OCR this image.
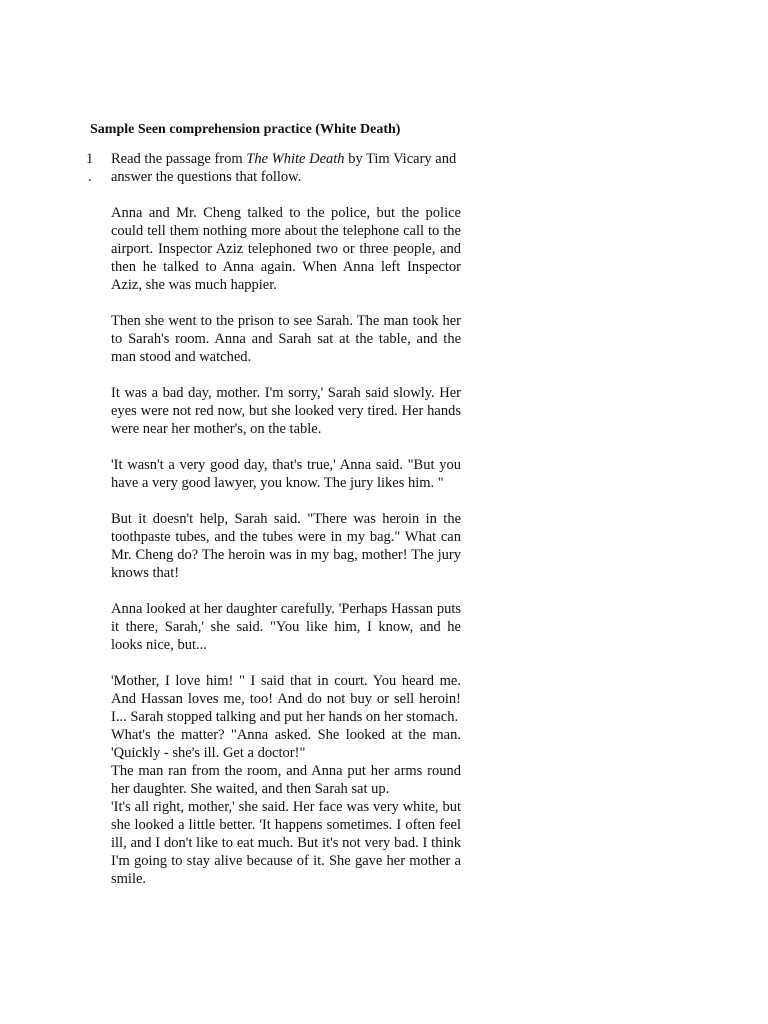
Sample Seen comprehension practice (White Death)
1
.

Read the passage from The White Death by Tim Vicary and answer the questions that follow.

Anna and Mr. Cheng talked to the police, but the police could tell them nothing more about the telephone call to the airport. Inspector Aziz telephoned two or three people, and then he talked to Anna again. When Anna left Inspector Aziz, she was much happier.

Then she went to the prison to see Sarah. The man took her to Sarah's room. Anna and Sarah sat at the table, and the man stood and watched.

It was a bad day, mother. I'm sorry,' Sarah said slowly. Her eyes were not red now, but she looked very tired. Her hands were near her mother's, on the table.

'It wasn't a very good day, that's true,' Anna said. "But you have a very good lawyer, you know. The jury likes him. "

But it doesn't help, Sarah said. "There was heroin in the toothpaste tubes, and the tubes were in my bag." What can Mr. Cheng do? The heroin was in my bag, mother! The jury knows that!

Anna looked at her daughter carefully. 'Perhaps Hassan puts it there, Sarah,' she said. "You like him, I know, and he looks nice, but...

'Mother, I love him! " I said that in court. You heard me. And Hassan loves me, too! And do not buy or sell heroin! I... Sarah stopped talking and put her hands on her stomach.

What's the matter? "Anna asked. She looked at the man. 'Quickly - she's ill. Get a doctor!"

The man ran from the room, and Anna put her arms round her daughter. She waited, and then Sarah sat up.

'It's all right, mother,' she said. Her face was very white, but she looked a little better. 'It happens sometimes. I often feel ill, and I don't like to eat much. But it's not very bad. I think I'm going to stay alive because of it. She gave her mother a smile.
